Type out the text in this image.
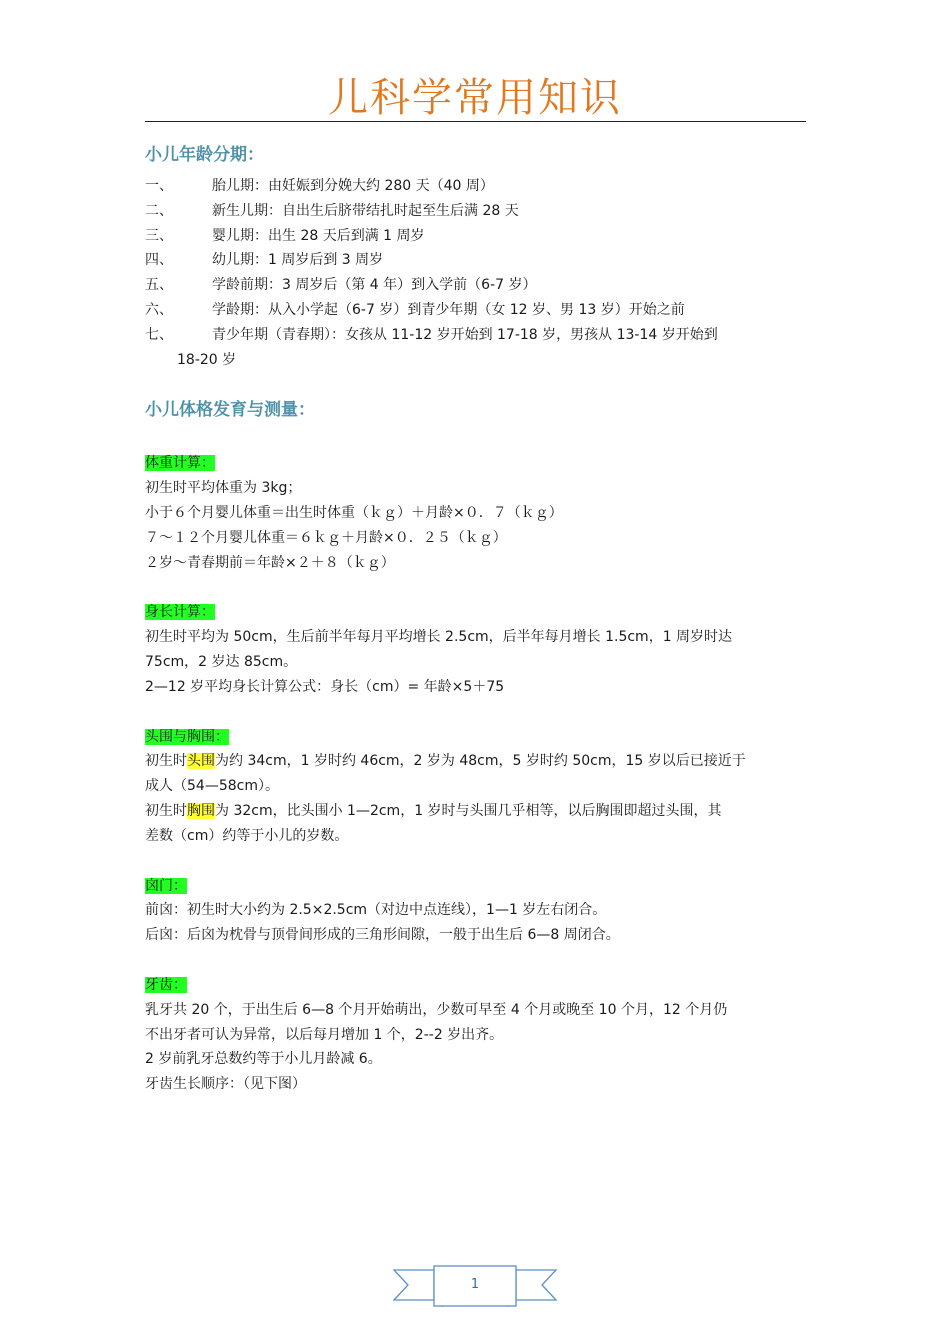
儿科学常用知识
小儿年龄分期：
一、	胎儿期：由妊娠到分娩大约 280 天（40 周）
二、	新生儿期：自出生后脐带结扎时起至生后满 28 天
三、	婴儿期：出生 28 天后到满 1 周岁
四、	幼儿期：1 周岁后到 3 周岁
五、	学龄前期：3 周岁后（第 4 年）到入学前（6-7 岁）
六、	学龄期：从入小学起（6-7 岁）到青少年期（女 12 岁、男 13 岁）开始之前
七、	青少年期（青春期）：女孩从 11-12 岁开始到 17-18 岁，男孩从 13-14 岁开始到
18-20 岁
小儿体格发育与测量：

体重计算：

初生时平均体重为 3kg；

小于６个月婴儿体重＝出生时体重（ｋｇ）＋月龄×０．７（ｋｇ）

７～１２个月婴儿体重＝６ｋｇ＋月龄×０．２５（ｋｇ）

２岁～青春期前＝年龄×２＋８（ｋｇ）

身长计算：

初生时平均为 50cm，生后前半年每月平均增长 2.5cm，后半年每月增长 1.5cm，1 周岁时达

75cm，2 岁达 85cm。

2—12 岁平均身长计算公式：身长（cm）= 年龄×5＋75

头围与胸围：

初生时头围为约 34cm，1 岁时约 46cm，2 岁为 48cm，5 岁时约 50cm，15 岁以后已接近于

成人（54—58cm）。

初生时胸围为 32cm，比头围小 1—2cm，1 岁时与头围几乎相等，以后胸围即超过头围，其

差数（cm）约等于小儿的岁数。

囟门：

前囟：初生时大小约为 2.5×2.5cm（对边中点连线），1—1 岁左右闭合。

后囟：后囟为枕骨与顶骨间形成的三角形间隙，一般于出生后 6—8 周闭合。

牙齿：

乳牙共 20 个，于出生后 6—8 个月开始萌出，少数可早至 4 个月或晚至 10 个月，12 个月仍

不出牙者可认为异常，以后每月增加 1 个，2--2 岁出齐。

2 岁前乳牙总数约等于小儿月龄减 6。

牙齿生长顺序：（见下图）

1
